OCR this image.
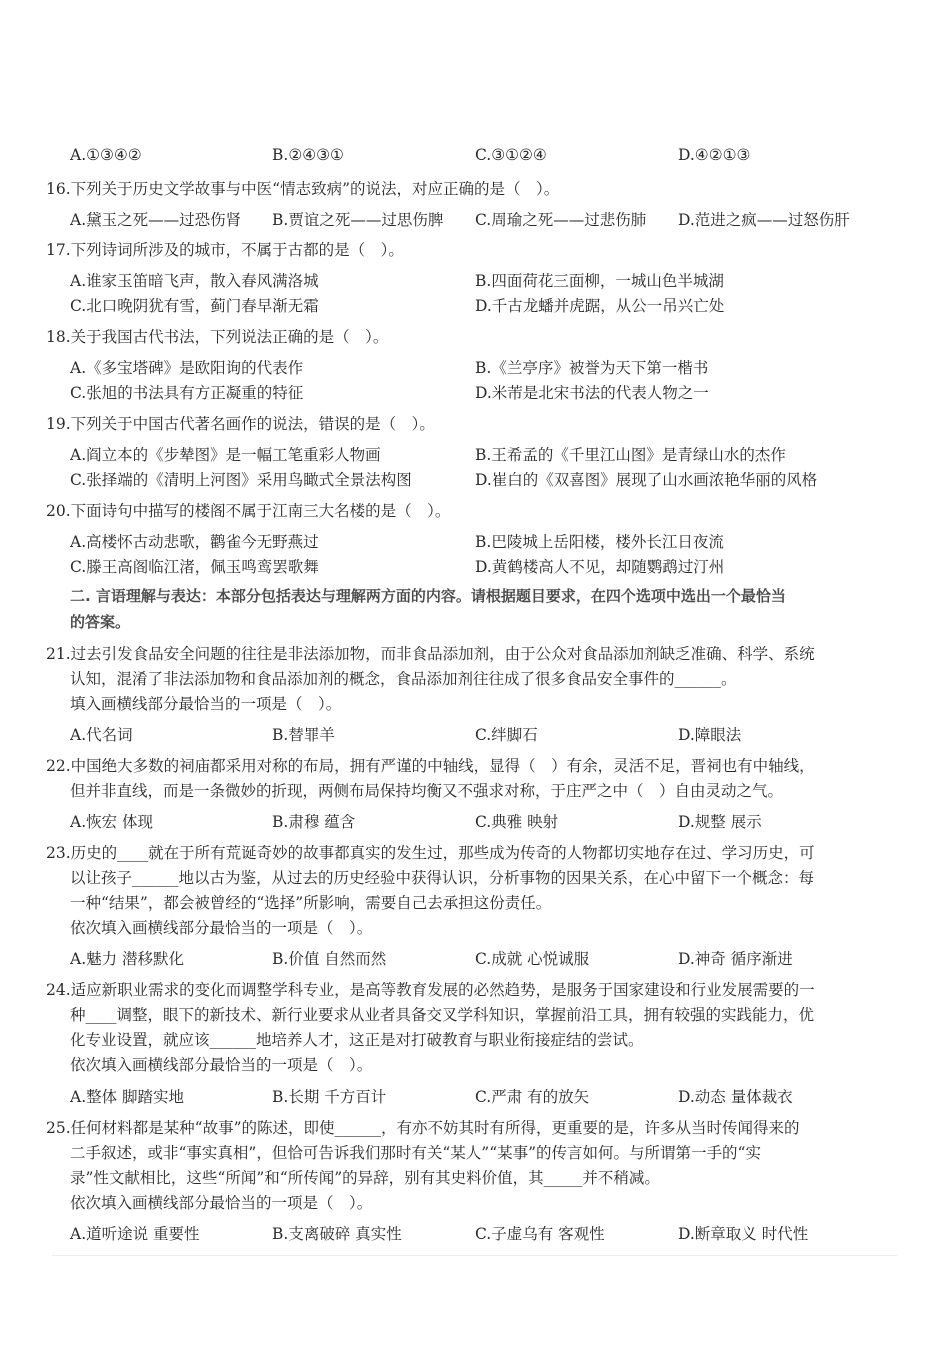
A.①③④②	B.②④③①	C.③①②④	D.④②①③
16.下列关于历史文学故事与中医“情志致病”的说法，对应正确的是（　）。
A.黛玉之死——过恐伤肾 B.贾谊之死——过思伤脾 C.周瑜之死——过悲伤肺 D.范进之疯——过怒伤肝
17.下列诗词所涉及的城市，不属于古都的是（　）。
A.谁家玉笛暗飞声，散入春风满洛城	B.四面荷花三面柳，一城山色半城湖
C.北口晚阴犹有雪，蓟门春早渐无霜	D.千古龙蟠并虎踞，从公一吊兴亡处
18.关于我国古代书法，下列说法正确的是（　）。
A.《多宝塔碑》是欧阳询的代表作	B.《兰亭序》被誉为天下第一楷书
C.张旭的书法具有方正凝重的特征	D.米芾是北宋书法的代表人物之一
19.下列关于中国古代著名画作的说法，错误的是（　）。
A.阎立本的《步辇图》是一幅工笔重彩人物画	B.王希孟的《千里江山图》是青绿山水的杰作
C.张择端的《清明上河图》采用鸟瞰式全景法构图	D.崔白的《双喜图》展现了山水画浓艳华丽的风格
20.下面诗句中描写的楼阁不属于江南三大名楼的是（　）。
A.高楼怀古动悲歌，鹳雀今无野燕过	B.巴陵城上岳阳楼，楼外长江日夜流
C.滕王高阁临江渚，佩玉鸣鸾罢歌舞	D.黄鹤楼高人不见，却随鹦鹉过汀州
二. 言语理解与表达：本部分包括表达与理解两方面的内容。请根据题目要求，在四个选项中选出一个最恰当
的答案。
21.过去引发食品安全问题的往往是非法添加物，而非食品添加剂，由于公众对食品添加剂缺乏准确、科学、系统
认知，混淆了非法添加物和食品添加剂的概念，食品添加剂往往成了很多食品安全事件的______。
填入画横线部分最恰当的一项是（　）。
A.代名词	B.替罪羊	C.绊脚石	D.障眼法
22.中国绝大多数的祠庙都采用对称的布局，拥有严谨的中轴线，显得（　）有余，灵活不足，晋祠也有中轴线，
但并非直线，而是一条微妙的折现，两侧布局保持均衡又不强求对称，于庄严之中（　）自由灵动之气。
A.恢宏 体现	B.肃穆 蕴含	C.典雅 映射	D.规整 展示
23.历史的____就在于所有荒诞奇妙的故事都真实的发生过，那些成为传奇的人物都切实地存在过、学习历史，可
以让孩子______地以古为鉴，从过去的历史经验中获得认识，分析事物的因果关系，在心中留下一个概念：每
一种“结果”，都会被曾经的“选择”所影响，需要自己去承担这份责任。
依次填入画横线部分最恰当的一项是（　）。
A.魅力 潜移默化	B.价值 自然而然	C.成就 心悦诚服	D.神奇 循序渐进
24.适应新职业需求的变化而调整学科专业，是高等教育发展的必然趋势，是服务于国家建设和行业发展需要的一
种____调整，眼下的新技术、新行业要求从业者具备交叉学科知识，掌握前沿工具，拥有较强的实践能力，优
化专业设置，就应该______地培养人才，这正是对打破教育与职业衔接症结的尝试。
依次填入画横线部分最恰当的一项是（　）。
A.整体 脚踏实地	B.长期 千方百计	C.严肃 有的放矢	D.动态 量体裁衣
25.任何材料都是某种“故事”的陈述，即使______，有亦不妨其时有所得，更重要的是，许多从当时传闻得来的
二手叙述，或非“事实真相”，但恰可告诉我们那时有关“某人”“某事”的传言如何。与所谓第一手的“实
录”性文献相比，这些“所闻”和“所传闻”的异辞，别有其史料价值，其_____并不稍减。
依次填入画横线部分最恰当的一项是（　）。
A.道听途说 重要性	B.支离破碎 真实性	C.子虚乌有 客观性	D.断章取义 时代性
